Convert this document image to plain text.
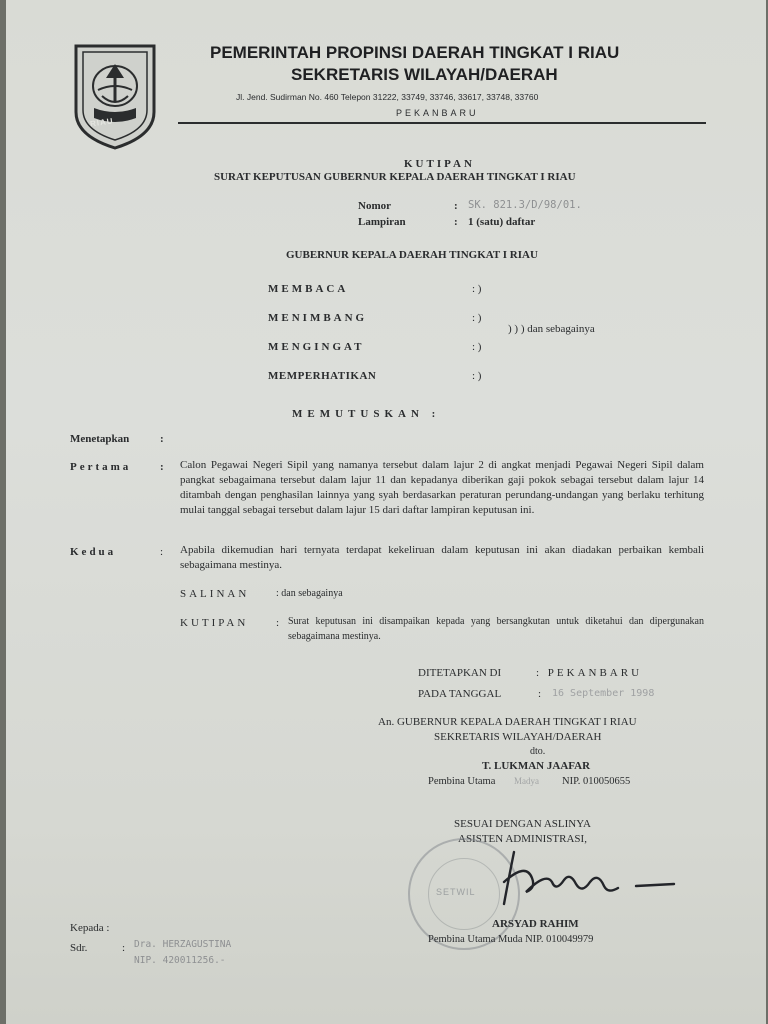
RIAU
PEMERINTAH PROPINSI DAERAH TINGKAT I RIAU
SEKRETARIS WILAYAH/DAERAH
Jl. Jend. Sudirman No. 460 Telepon 31222, 33749, 33746, 33617, 33748, 33760
PEKANBARU
KUTIPAN
SURAT KEPUTUSAN GUBERNUR KEPALA DAERAH TINGKAT I RIAU
Nomor	: SK. 821.3/D/98/01.
Lampiran	: 1 (satu) daftar
GUBERNUR KEPALA DAERAH TINGKAT I RIAU
MEMBACA	: )
MENIMBANG	: )
) ) ) dan sebagainya
MENGINGAT	: )
MEMPERHATIKAN	: )
MEMUTUSKAN :
Menetapkan	:
Pertama	: Calon Pegawai Negeri Sipil yang namanya tersebut dalam lajur 2 di angkat menjadi Pegawai Negeri Sipil dalam pangkat sebagaimana tersebut dalam lajur 11 dan kepadanya diberikan gaji pokok sebagai tersebut dalam lajur 14 ditambah dengan penghasilan lainnya yang syah berdasarkan peraturan perundang-undangan yang berlaku terhitung mulai tanggal sebagai tersebut dalam lajur 15 dari daftar lampiran keputusan ini.
Kedua	: Apabila dikemudian hari ternyata terdapat kekeliruan dalam keputusan ini akan diadakan perbaikan kembali sebagaimana mestinya.
SALINAN	: dan sebagainya
KUTIPAN	: Surat keputusan ini disampaikan kepada yang bersangkutan untuk diketahui dan dipergunakan sebagaimana mestinya.
DITETAPKAN DI	: PEKANBARU
PADA TANGGAL	: 16 September 1998
An. GUBERNUR KEPALA DAERAH TINGKAT I RIAU
SEKRETARIS WILAYAH/DAERAH
dto.
T. LUKMAN JAAFAR
Pembina Utama Madya NIP. 010050655
SESUAI DENGAN ASLINYA
ASISTEN ADMINISTRASI,
SETWIL
ARSYAD RAHIM
Pembina Utama Muda NIP. 010049979
Kepada :
Sdr.	: Dra. HERZAGUSTINA
NIP. 420011256.-
